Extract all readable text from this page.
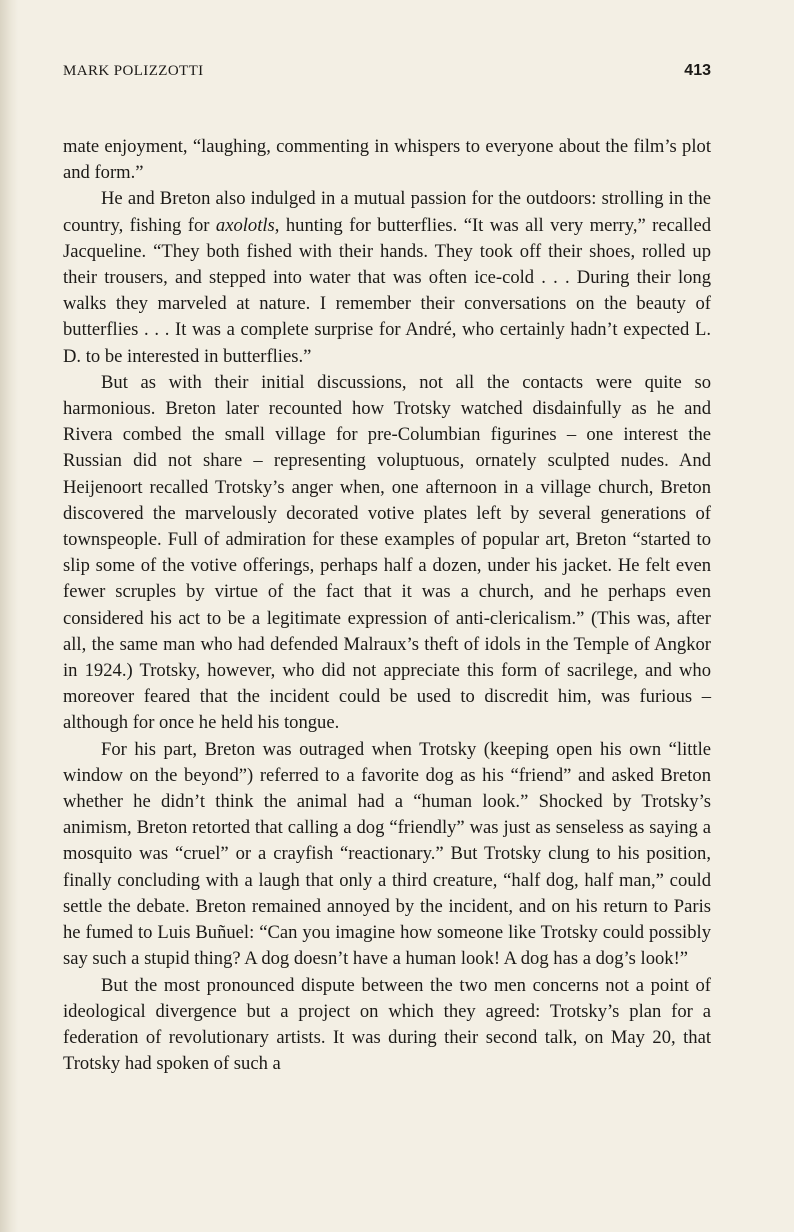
MARK POLIZZOTTI	413

mate enjoyment, “laughing, commenting in whispers to everyone about the film’s plot and form.”

He and Breton also indulged in a mutual passion for the outdoors: strolling in the country, fishing for axolotls, hunting for butterflies. “It was all very merry,” recalled Jacqueline. “They both fished with their hands. They took off their shoes, rolled up their trousers, and stepped into water that was often ice-cold . . . During their long walks they marveled at nature. I remember their conversations on the beauty of butterflies . . . It was a complete surprise for André, who certainly hadn’t expected L. D. to be interested in butterflies.”

But as with their initial discussions, not all the contacts were quite so harmonious. Breton later recounted how Trotsky watched disdainfully as he and Rivera combed the small village for pre-Columbian figurines – one interest the Russian did not share – representing voluptuous, ornately sculpted nudes. And Heijenoort recalled Trotsky’s anger when, one afternoon in a village church, Breton discovered the marvelously decorated votive plates left by several generations of townspeople. Full of admiration for these examples of popular art, Breton “started to slip some of the votive offerings, perhaps half a dozen, under his jacket. He felt even fewer scruples by virtue of the fact that it was a church, and he perhaps even considered his act to be a legitimate expression of anti-clericalism.” (This was, after all, the same man who had defended Malraux’s theft of idols in the Temple of Angkor in 1924.) Trotsky, however, who did not appreciate this form of sacrilege, and who moreover feared that the incident could be used to discredit him, was furious – although for once he held his tongue.

For his part, Breton was outraged when Trotsky (keeping open his own “little window on the beyond”) referred to a favorite dog as his “friend” and asked Breton whether he didn’t think the animal had a “human look.” Shocked by Trotsky’s animism, Breton retorted that calling a dog “friendly” was just as senseless as saying a mosquito was “cruel” or a crayfish “reactionary.” But Trotsky clung to his position, finally concluding with a laugh that only a third creature, “half dog, half man,” could settle the debate. Breton remained annoyed by the incident, and on his return to Paris he fumed to Luis Buñuel: “Can you imagine how someone like Trotsky could possibly say such a stupid thing? A dog doesn’t have a human look! A dog has a dog’s look!”

But the most pronounced dispute between the two men concerns not a point of ideological divergence but a project on which they agreed: Trotsky’s plan for a federation of revolutionary artists. It was during their second talk, on May 20, that Trotsky had spoken of such a
